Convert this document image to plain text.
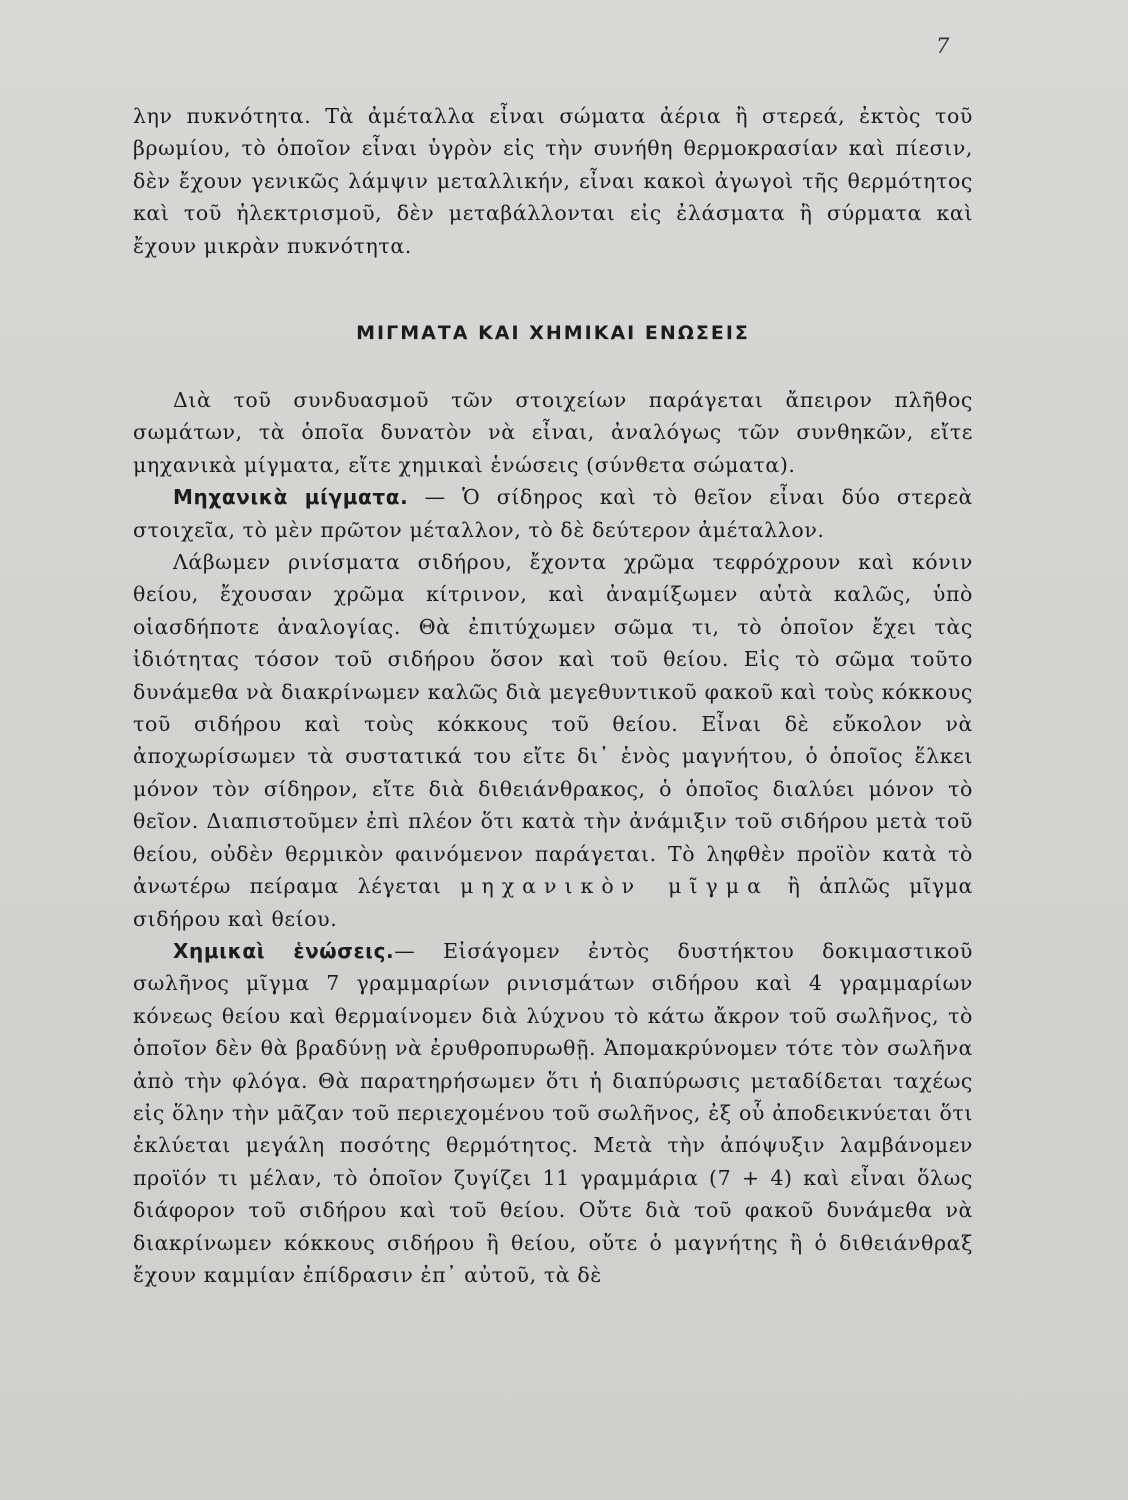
7

λην πυκνότητα. Τὰ ἀμέταλλα εἶναι σώματα ἀέρια ἢ στερεά, ἐκτὸς τοῦ βρωμίου, τὸ ὁποῖον εἶναι ὑγρὸν εἰς τὴν συνήθη θερμοκρασίαν καὶ πίεσιν, δὲν ἔχουν γενικῶς λάμψιν μεταλλικήν, εἶναι κακοὶ ἀγωγοὶ τῆς θερμότητος καὶ τοῦ ἠλεκτρισμοῦ, δὲν μεταβάλλονται εἰς ἐλάσματα ἢ σύρματα καὶ ἔχουν μικρὰν πυκνότητα.

ΜΙΓΜΑΤΑ ΚΑΙ ΧΗΜΙΚΑΙ ΕΝΩΣΕΙΣ

Διὰ τοῦ συνδυασμοῦ τῶν στοιχείων παράγεται ἄπειρον πλῆθος σωμάτων, τὰ ὁποῖα δυνατὸν νὰ εἶναι, ἀναλόγως τῶν συνθηκῶν, εἴτε μηχανικὰ μίγματα, εἴτε χημικαὶ ἑνώσεις (σύνθετα σώματα).

Μηχανικὰ μίγματα. — Ὁ σίδηρος καὶ τὸ θεῖον εἶναι δύο στερεὰ στοιχεῖα, τὸ μὲν πρῶτον μέταλλον, τὸ δὲ δεύτερον ἀμέταλλον.

Λάβωμεν ρινίσματα σιδήρου, ἔχοντα χρῶμα τεφρόχρουν καὶ κόνιν θείου, ἔχουσαν χρῶμα κίτρινον, καὶ ἀναμίξωμεν αὐτὰ καλῶς, ὑπὸ οἱασδήποτε ἀναλογίας. Θὰ ἐπιτύχωμεν σῶμα τι, τὸ ὁποῖον ἔχει τὰς ἰδιότητας τόσον τοῦ σιδήρου ὅσον καὶ τοῦ θείου. Εἰς τὸ σῶμα τοῦτο δυνάμεθα νὰ διακρίνωμεν καλῶς διὰ μεγεθυντικοῦ φακοῦ καὶ τοὺς κόκκους τοῦ σιδήρου καὶ τοὺς κόκκους τοῦ θείου. Εἶναι δὲ εὔκολον νὰ ἀποχωρίσωμεν τὰ συστατικά του εἴτε δι᾿ ἑνὸς μαγνήτου, ὁ ὁποῖος ἕλκει μόνον τὸν σίδηρον, εἴτε διὰ διθειάνθρακος, ὁ ὁποῖος διαλύει μόνον τὸ θεῖον. Διαπιστοῦμεν ἐπὶ πλέον ὅτι κατὰ τὴν ἀνάμιξιν τοῦ σιδήρου μετὰ τοῦ θείου, οὐδὲν θερμικὸν φαινόμενον παράγεται. Τὸ ληφθὲν προϊὸν κατὰ τὸ ἀνωτέρω πείραμα λέγεται μηχανικὸν μῖγμα ἢ ἁπλῶς μῖγμα σιδήρου καὶ θείου.

Χημικαὶ ἑνώσεις.— Εἰσάγομεν ἐντὸς δυστήκτου δοκιμαστικοῦ σωλῆνος μῖγμα 7 γραμμαρίων ρινισμάτων σιδήρου καὶ 4 γραμμαρίων κόνεως θείου καὶ θερμαίνομεν διὰ λύχνου τὸ κάτω ἄκρον τοῦ σωλῆνος, τὸ ὁποῖον δὲν θὰ βραδύνῃ νὰ ἐρυθροπυρωθῇ. Ἀπομακρύνομεν τότε τὸν σωλῆνα ἀπὸ τὴν φλόγα. Θὰ παρατηρήσωμεν ὅτι ἡ διαπύρωσις μεταδίδεται ταχέως εἰς ὅλην τὴν μᾶζαν τοῦ περιεχομένου τοῦ σωλῆνος, ἐξ οὗ ἀποδεικνύεται ὅτι ἐκλύεται μεγάλη ποσότης θερμότητος. Μετὰ τὴν ἀπόψυξιν λαμβάνομεν προϊόν τι μέλαν, τὸ ὁποῖον ζυγίζει 11 γραμμάρια (7 + 4) καὶ εἶναι ὅλως διάφορον τοῦ σιδήρου καὶ τοῦ θείου. Οὔτε διὰ τοῦ φακοῦ δυνάμεθα νὰ διακρίνωμεν κόκκους σιδήρου ἢ θείου, οὔτε ὁ μαγνήτης ἢ ὁ διθειάνθραξ ἔχουν καμμίαν ἐπίδρασιν ἐπ᾿ αὐτοῦ, τὰ δὲ
